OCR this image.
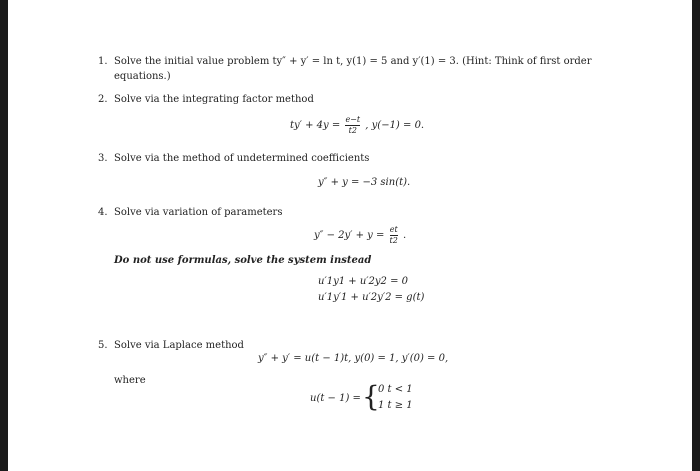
1. Solve the initial value problem ty″ + y′ = ln t, y(1) = 5 and y′(1) = 3. (Hint: Think of first order
equations.)
2. Solve via the integrating factor method
$ty' + 4y = \frac{e-t}{t2}$ , y(−1) = 0.
3. Solve via the method of undetermined coefficients
y″ + y = −3 sin(t).
4. Solve via variation of parameters
$y'' - 2y' + y = \frac{et}{t2}$ .
Do not use formulas, solve the system instead
u′1y1 + u′2y2 = 0
u′1y′1 + u′2y′2 = g(t)
5. Solve via Laplace method
y″ + y′ = u(t − 1)t, y(0) = 1, y′(0) = 0,
where
u(t − 1) = {
0 t < 1
1 t ≥ 1
